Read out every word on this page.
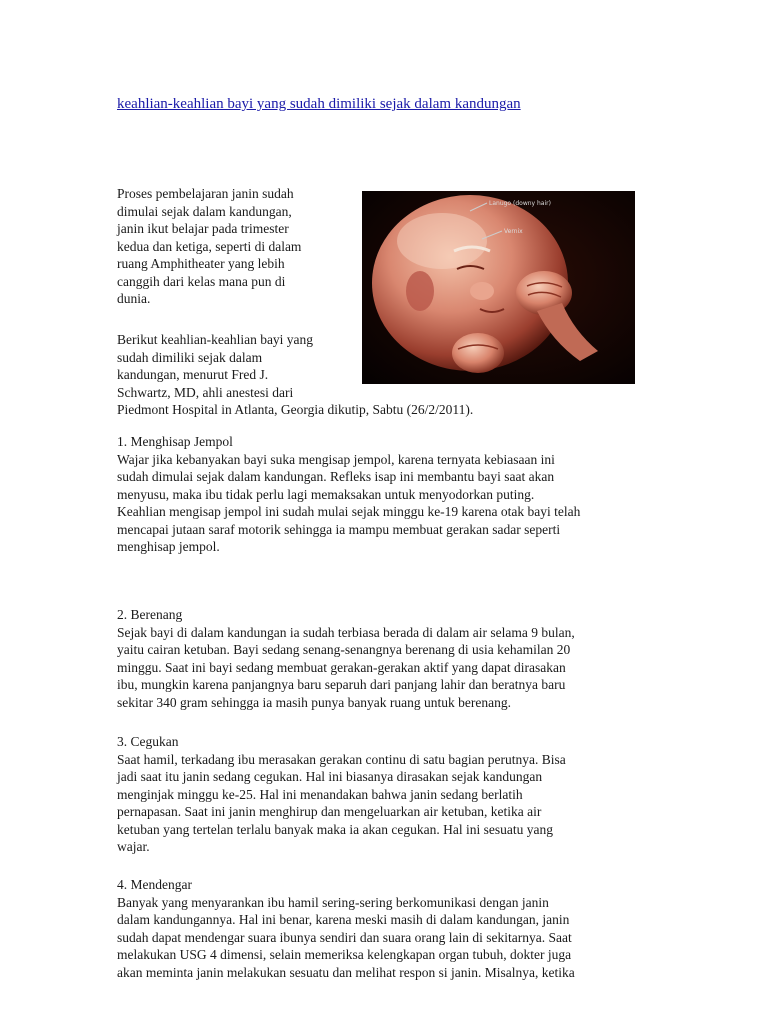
keahlian-keahlian bayi yang sudah dimiliki sejak dalam kandungan
Lanugo (downy hair)
Vernix
Proses pembelajaran janin sudah
dimulai sejak dalam kandungan,
janin ikut belajar pada trimester
kedua dan ketiga, seperti di dalam
ruang Amphitheater yang lebih
canggih dari kelas mana pun di
dunia.
Berikut keahlian-keahlian bayi yang
sudah dimiliki sejak dalam
kandungan, menurut Fred J.
Schwartz, MD, ahli anestesi dari
Piedmont Hospital in Atlanta, Georgia dikutip, Sabtu (26/2/2011).
1. Menghisap Jempol
Wajar jika kebanyakan bayi suka mengisap jempol, karena ternyata kebiasaan ini
sudah dimulai sejak dalam kandungan. Refleks isap ini membantu bayi saat akan
menyusu, maka ibu tidak perlu lagi memaksakan untuk menyodorkan puting.
Keahlian mengisap jempol ini sudah mulai sejak minggu ke-19 karena otak bayi telah
mencapai jutaan saraf motorik sehingga ia mampu membuat gerakan sadar seperti
menghisap jempol.
2. Berenang
Sejak bayi di dalam kandungan ia sudah terbiasa berada di dalam air selama 9 bulan,
yaitu cairan ketuban. Bayi sedang senang-senangnya berenang di usia kehamilan 20
minggu. Saat ini bayi sedang membuat gerakan-gerakan aktif yang dapat dirasakan
ibu, mungkin karena panjangnya baru separuh dari panjang lahir dan beratnya baru
sekitar 340 gram sehingga ia masih punya banyak ruang untuk berenang.
3. Cegukan
Saat hamil, terkadang ibu merasakan gerakan continu di satu bagian perutnya. Bisa
jadi saat itu janin sedang cegukan. Hal ini biasanya dirasakan sejak kandungan
menginjak minggu ke-25. Hal ini menandakan bahwa janin sedang berlatih
pernapasan. Saat ini janin menghirup dan mengeluarkan air ketuban, ketika air
ketuban yang tertelan terlalu banyak maka ia akan cegukan. Hal ini sesuatu yang
wajar.
4. Mendengar
Banyak yang menyarankan ibu hamil sering-sering berkomunikasi dengan janin
dalam kandungannya. Hal ini benar, karena meski masih di dalam kandungan, janin
sudah dapat mendengar suara ibunya sendiri dan suara orang lain di sekitarnya. Saat
melakukan USG 4 dimensi, selain memeriksa kelengkapan organ tubuh, dokter juga
akan meminta janin melakukan sesuatu dan melihat respon si janin. Misalnya, ketika
